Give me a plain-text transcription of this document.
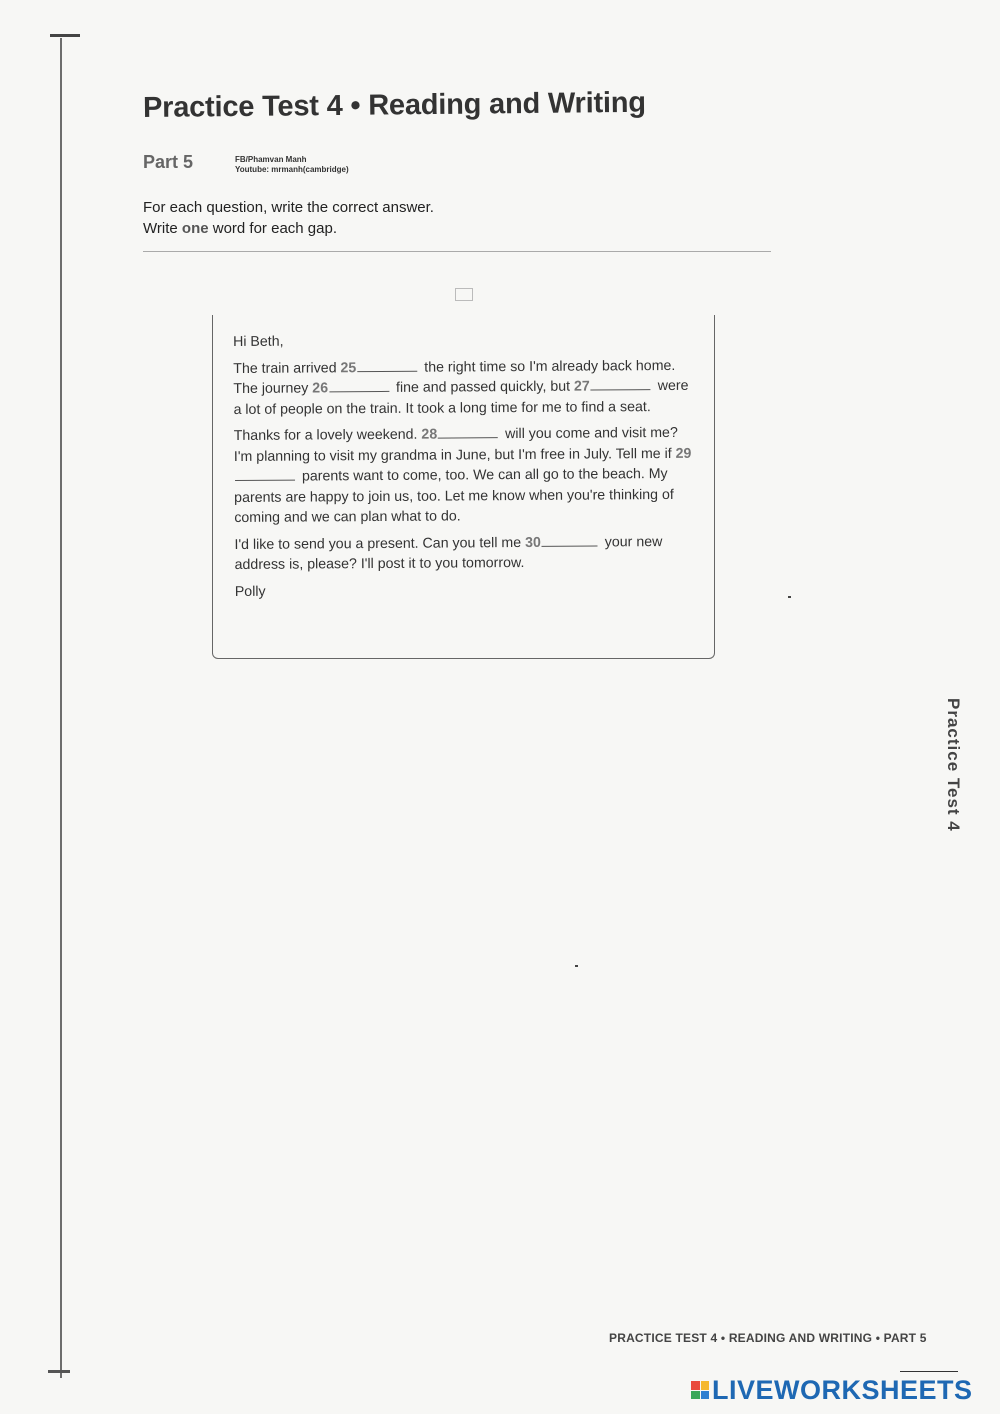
Practice Test 4 • Reading and Writing
Part 5	FB/Phamvan Manh
Youtube: mrmanh(cambridge)
For each question, write the correct answer.
Write one word for each gap.

Hi Beth,

The train arrived 25	the right time so I'm already back home. The journey 26	fine and passed quickly, but 27	were a lot of people on the train. It took a long time for me to find a seat.

Thanks for a lovely weekend. 28	will you come and visit me? I'm planning to visit my grandma in June, but I'm free in July. Tell me if 29 parents want to come, too. We can all go to the beach. My parents are happy to join us, too. Let me know when you're thinking of coming and we can plan what to do.

I'd like to send you a present. Can you tell me 30	your new address is, please? I'll post it to you tomorrow.

Polly

Practice Test 4
PRACTICE TEST 4 • READING AND WRITING • PART 5
LIVEWORKSHEETS
